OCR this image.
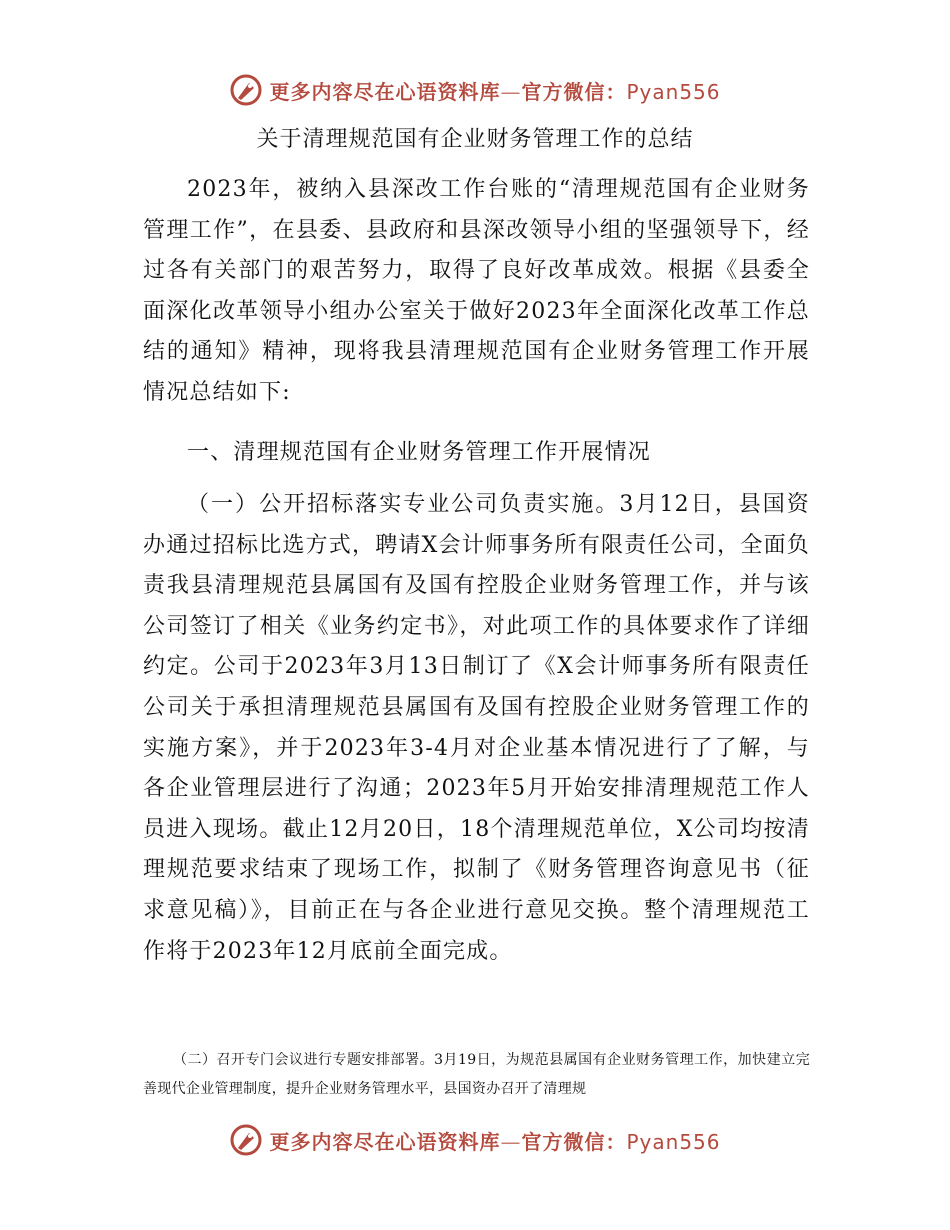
更多内容尽在心语资料库—官方微信：Pyan556
关于清理规范国有企业财务管理工作的总结

2023年，被纳入县深改工作台账的“清理规范国有企业财务管理工作”，在县委、县政府和县深改领导小组的坚强领导下，经过各有关部门的艰苦努力，取得了良好改革成效。根据《县委全面深化改革领导小组办公室关于做好2023年全面深化改革工作总结的通知》精神，现将我县清理规范国有企业财务管理工作开展情况总结如下:

一、清理规范国有企业财务管理工作开展情况

（一）公开招标落实专业公司负责实施。3月12日，县国资办通过招标比选方式，聘请X会计师事务所有限责任公司，全面负责我县清理规范县属国有及国有控股企业财务管理工作，并与该公司签订了相关《业务约定书》，对此项工作的具体要求作了详细约定。公司于2023年3月13日制订了《X会计师事务所有限责任公司关于承担清理规范县属国有及国有控股企业财务管理工作的实施方案》，并于2023年3-4月对企业基本情况进行了了解，与各企业管理层进行了沟通；2023年5月开始安排清理规范工作人员进入现场。截止12月20日，18个清理规范单位，X公司均按清理规范要求结束了现场工作，拟制了《财务管理咨询意见书（征求意见稿）》，目前正在与各企业进行意见交换。整个清理规范工作将于2023年12月底前全面完成。

（二）召开专门会议进行专题安排部署。3月19日，为规范县属国有企业财务管理工作，加快建立完善现代企业管理制度，提升企业财务管理水平，县国资办召开了清理规

更多内容尽在心语资料库—官方微信：Pyan556
